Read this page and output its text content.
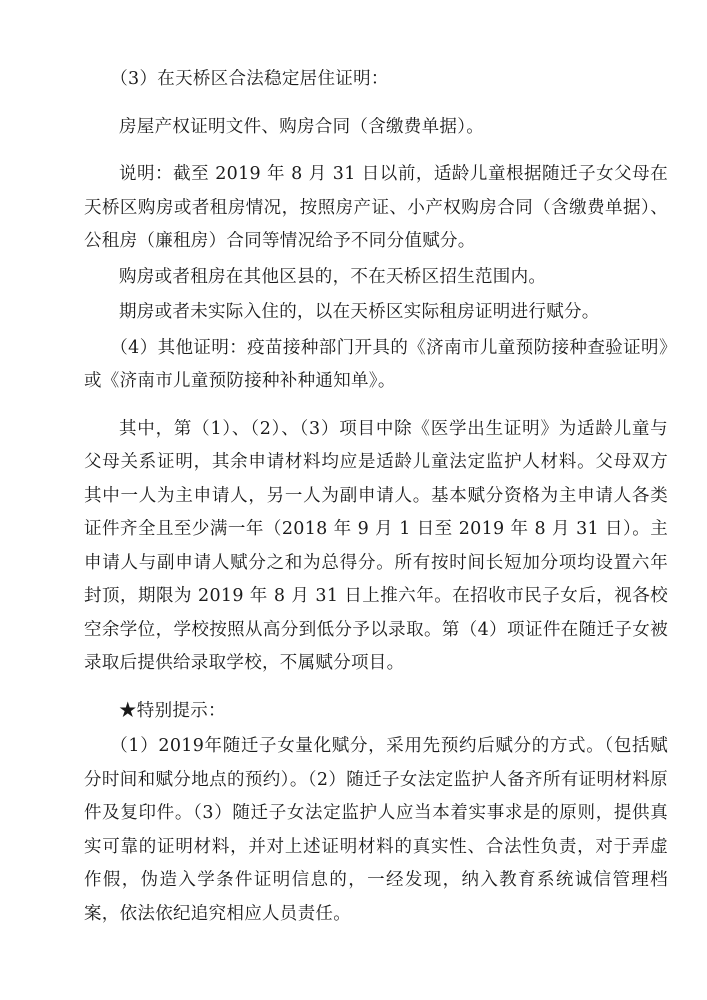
（3）在天桥区合法稳定居住证明：

房屋产权证明文件、购房合同（含缴费单据）。

说明：截至 2019 年 8 月 31 日以前，适龄儿童根据随迁子女父母在天桥区购房或者租房情况，按照房产证、小产权购房合同（含缴费单据）、公租房（廉租房）合同等情况给予不同分值赋分。

购房或者租房在其他区县的，不在天桥区招生范围内。

期房或者未实际入住的，以在天桥区实际租房证明进行赋分。

（4）其他证明：疫苗接种部门开具的《济南市儿童预防接种查验证明》或《济南市儿童预防接种补种通知单》。

其中，第（1）、（2）、（3）项目中除《医学出生证明》为适龄儿童与父母关系证明，其余申请材料均应是适龄儿童法定监护人材料。父母双方其中一人为主申请人，另一人为副申请人。基本赋分资格为主申请人各类证件齐全且至少满一年（2018 年 9 月 1 日至 2019 年 8 月 31 日）。主申请人与副申请人赋分之和为总得分。所有按时间长短加分项均设置六年封顶，期限为 2019 年 8 月 31 日上推六年。在招收市民子女后，视各校空余学位，学校按照从高分到低分予以录取。第（4）项证件在随迁子女被录取后提供给录取学校，不属赋分项目。

★特别提示：

（1）2019年随迁子女量化赋分，采用先预约后赋分的方式。（包括赋分时间和赋分地点的预约）。（2）随迁子女法定监护人备齐所有证明材料原件及复印件。（3）随迁子女法定监护人应当本着实事求是的原则，提供真实可靠的证明材料，并对上述证明材料的真实性、合法性负责，对于弄虚作假，伪造入学条件证明信息的，一经发现，纳入教育系统诚信管理档案，依法依纪追究相应人员责任。
